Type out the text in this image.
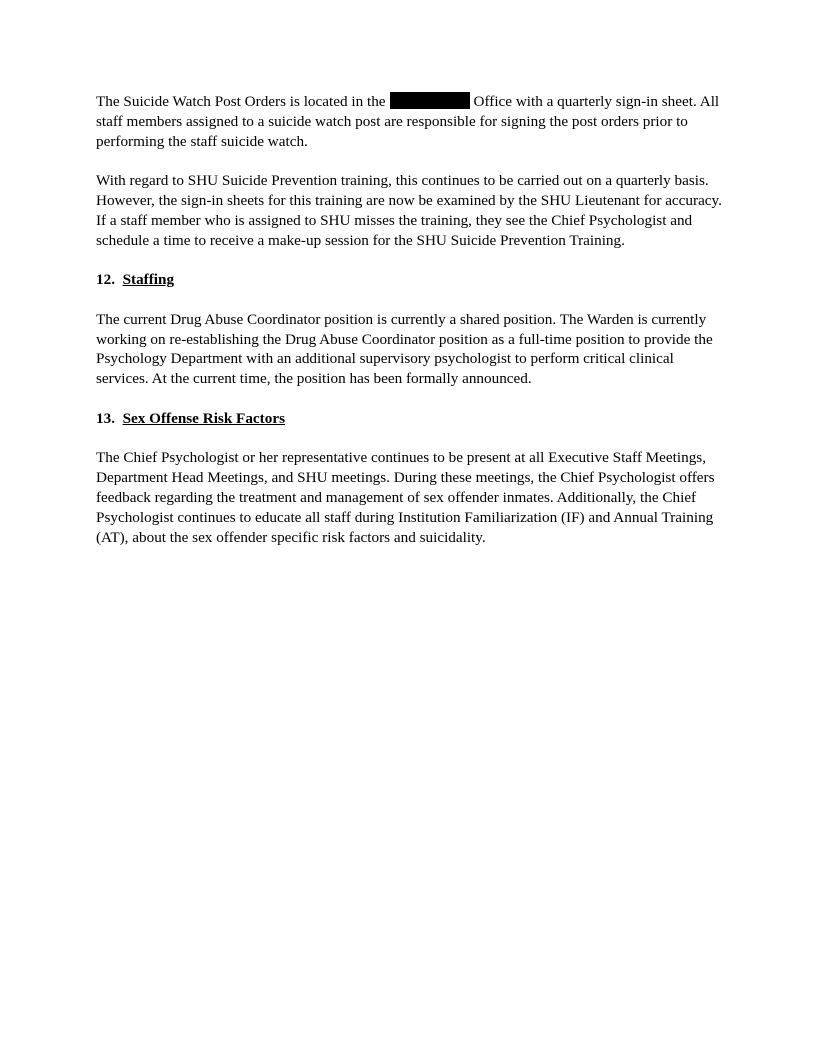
The Suicide Watch Post Orders is located in the	Office with a quarterly sign-in sheet. All staff members assigned to a suicide watch post are responsible for signing the post orders prior to performing the staff suicide watch.

With regard to SHU Suicide Prevention training, this continues to be carried out on a quarterly basis. However, the sign-in sheets for this training are now be examined by the SHU Lieutenant for accuracy. If a staff member who is assigned to SHU misses the training, they see the Chief Psychologist and schedule a time to receive a make-up session for the SHU Suicide Prevention Training.

12. Staffing

The current Drug Abuse Coordinator position is currently a shared position. The Warden is currently working on re-establishing the Drug Abuse Coordinator position as a full-time position to provide the Psychology Department with an additional supervisory psychologist to perform critical clinical services. At the current time, the position has been formally announced.

13. Sex Offense Risk Factors

The Chief Psychologist or her representative continues to be present at all Executive Staff Meetings, Department Head Meetings, and SHU meetings. During these meetings, the Chief Psychologist offers feedback regarding the treatment and management of sex offender inmates. Additionally, the Chief Psychologist continues to educate all staff during Institution Familiarization (IF) and Annual Training (AT), about the sex offender specific risk factors and suicidality.
